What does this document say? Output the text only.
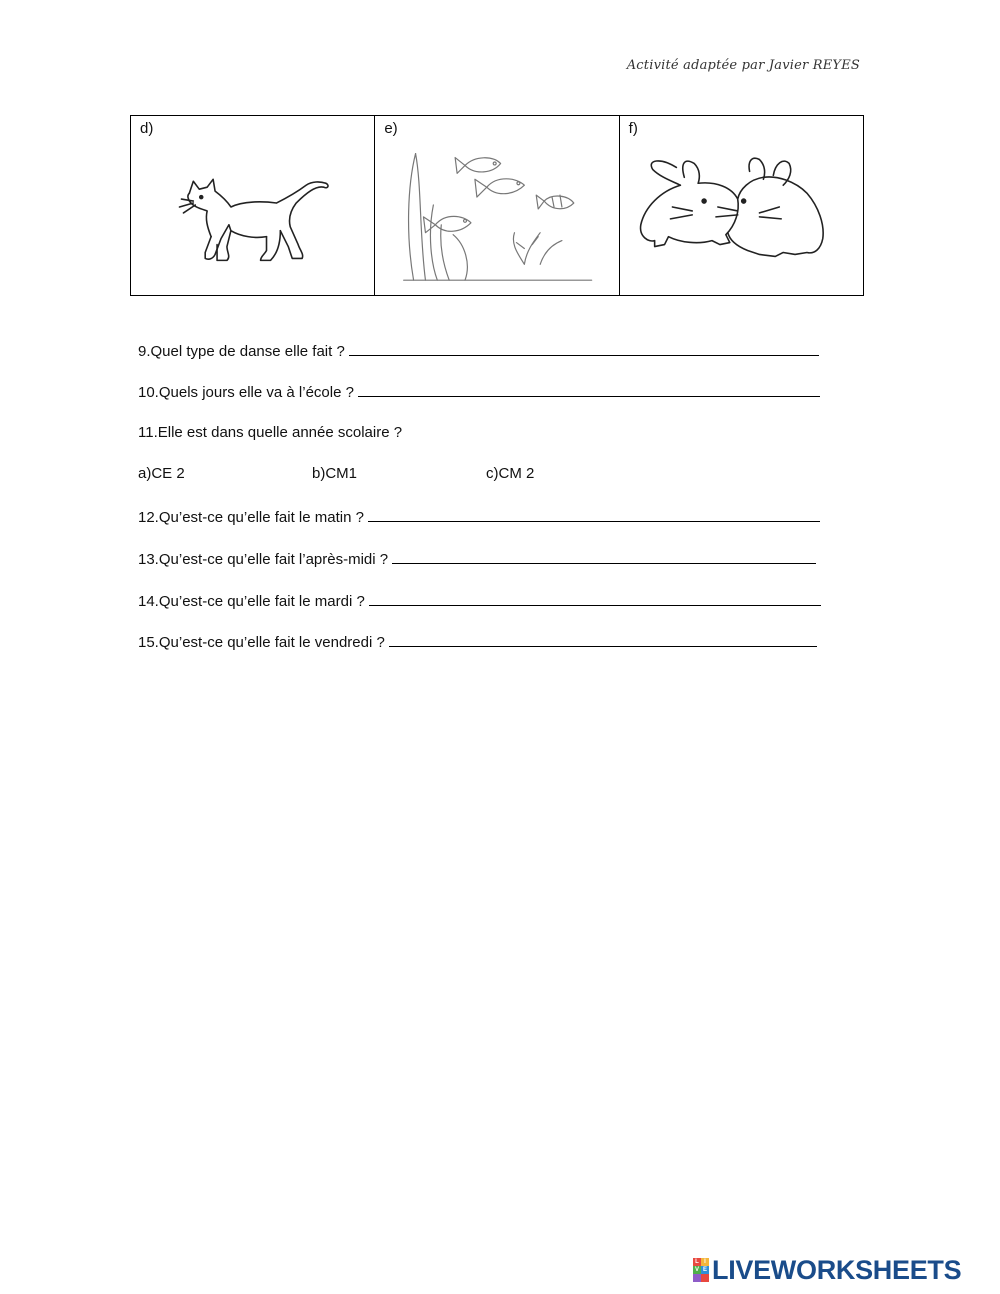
Activité adaptée par Javier REYES
d)	e)	f)
9.Quel type de danse elle fait ?
10.Quels jours elle va à l’école ?
11.Elle est dans quelle année scolaire ?
a)CE 2	b)CM1	c)CM 2
12.Qu’est-ce qu’elle fait le matin ?
13.Qu’est-ce qu’elle fait l’après-midi ?
14.Qu’est-ce qu’elle fait le mardi ?
15.Qu’est-ce qu’elle fait le vendredi ?
L I
V E LIVEWORKSHEETS
